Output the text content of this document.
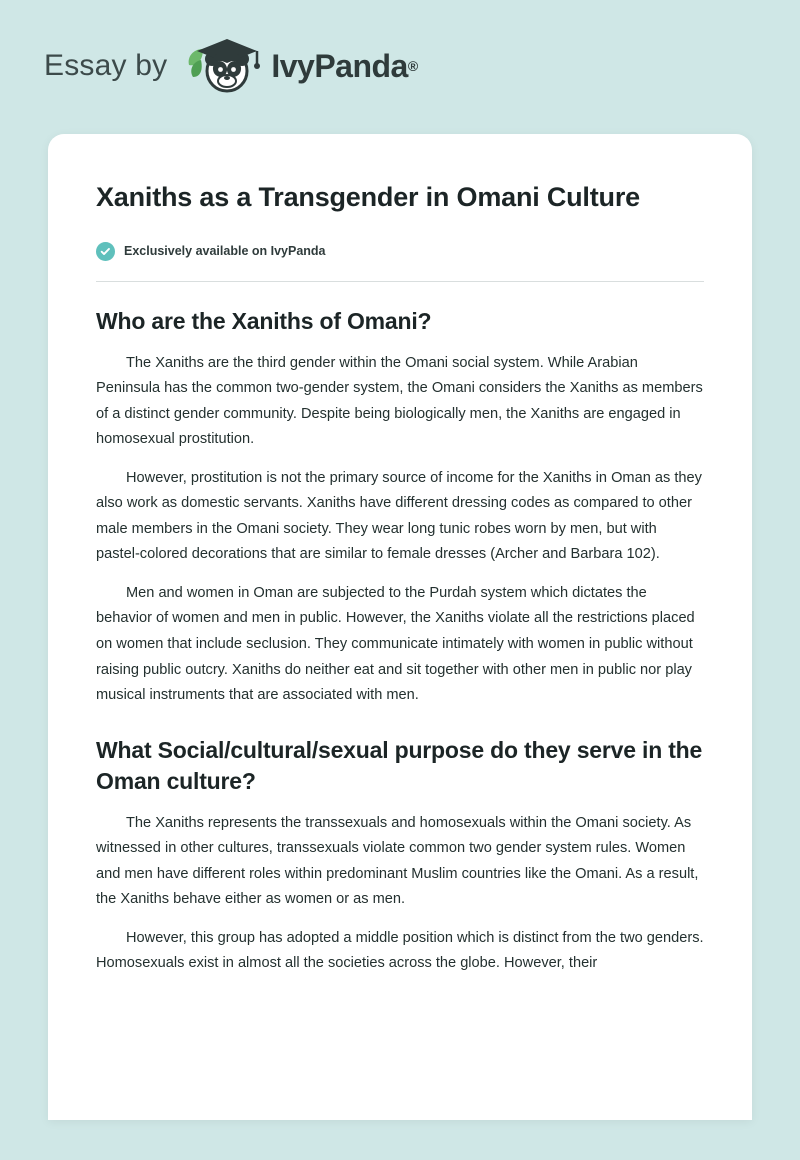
Essay by	IvyPanda ®
Xaniths as a Transgender in Omani Culture
Exclusively available on IvyPanda
Who are the Xaniths of Omani?

The Xaniths are the third gender within the Omani social system. While Arabian Peninsula has the common two-gender system, the Omani considers the Xaniths as members of a distinct gender community. Despite being biologically men, the Xaniths are engaged in homosexual prostitution.

However, prostitution is not the primary source of income for the Xaniths in Oman as they also work as domestic servants. Xaniths have different dressing codes as compared to other male members in the Omani society. They wear long tunic robes worn by men, but with pastel-colored decorations that are similar to female dresses (Archer and Barbara 102).

Men and women in Oman are subjected to the Purdah system which dictates the behavior of women and men in public. However, the Xaniths violate all the restrictions placed on women that include seclusion. They communicate intimately with women in public without raising public outcry. Xaniths do neither eat and sit together with other men in public nor play musical instruments that are associated with men.

What Social/cultural/sexual purpose do they serve in the Oman culture?

The Xaniths represents the transsexuals and homosexuals within the Omani society. As witnessed in other cultures, transsexuals violate common two gender system rules. Women and men have different roles within predominant Muslim countries like the Omani. As a result, the Xaniths behave either as women or as men.

However, this group has adopted a middle position which is distinct from the two genders. Homosexuals exist in almost all the societies across the globe. However, their
